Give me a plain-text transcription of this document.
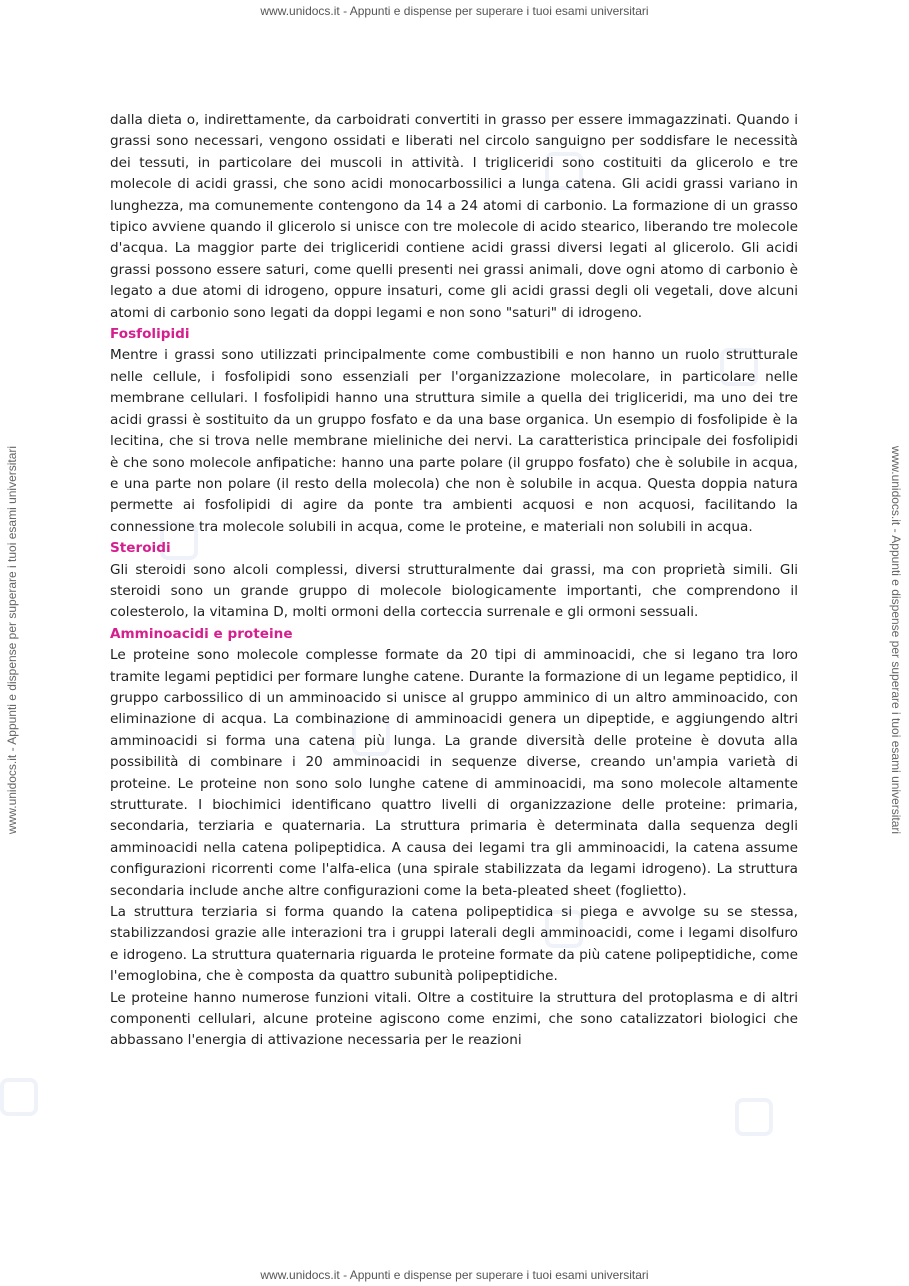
www.unidocs.it - Appunti e dispense per superare i tuoi esami universitari
www.unidocs.it - Appunti e dispense per superare i tuoi esami universitari	www.unidocs.it - Appunti e dispense per superare i tuoi esami universitari

dalla dieta o, indirettamente, da carboidrati convertiti in grasso per essere immagazzinati. Quando i grassi sono necessari, vengono ossidati e liberati nel circolo sanguigno per soddisfare le necessità dei tessuti, in particolare dei muscoli in attività. I trigliceridi sono costituiti da glicerolo e tre molecole di acidi grassi, che sono acidi monocarbossilici a lunga catena. Gli acidi grassi variano in lunghezza, ma comunemente contengono da 14 a 24 atomi di carbonio. La formazione di un grasso tipico avviene quando il glicerolo si unisce con tre molecole di acido stearico, liberando tre molecole d'acqua. La maggior parte dei trigliceridi contiene acidi grassi diversi legati al glicerolo. Gli acidi grassi possono essere saturi, come quelli presenti nei grassi animali, dove ogni atomo di carbonio è legato a due atomi di idrogeno, oppure insaturi, come gli acidi grassi degli oli vegetali, dove alcuni atomi di carbonio sono legati da doppi legami e non sono "saturi" di idrogeno.

Fosfolipidi

Mentre i grassi sono utilizzati principalmente come combustibili e non hanno un ruolo strutturale nelle cellule, i fosfolipidi sono essenziali per l'organizzazione molecolare, in particolare nelle membrane cellulari. I fosfolipidi hanno una struttura simile a quella dei trigliceridi, ma uno dei tre acidi grassi è sostituito da un gruppo fosfato e da una base organica. Un esempio di fosfolipide è la lecitina, che si trova nelle membrane mieliniche dei nervi. La caratteristica principale dei fosfolipidi è che sono molecole anfipatiche: hanno una parte polare (il gruppo fosfato) che è solubile in acqua, e una parte non polare (il resto della molecola) che non è solubile in acqua. Questa doppia natura permette ai fosfolipidi di agire da ponte tra ambienti acquosi e non acquosi, facilitando la connessione tra molecole solubili in acqua, come le proteine, e materiali non solubili in acqua.

Steroidi

Gli steroidi sono alcoli complessi, diversi strutturalmente dai grassi, ma con proprietà simili. Gli steroidi sono un grande gruppo di molecole biologicamente importanti, che comprendono il colesterolo, la vitamina D, molti ormoni della corteccia surrenale e gli ormoni sessuali.

Amminoacidi e proteine

Le proteine sono molecole complesse formate da 20 tipi di amminoacidi, che si legano tra loro tramite legami peptidici per formare lunghe catene. Durante la formazione di un legame peptidico, il gruppo carbossilico di un amminoacido si unisce al gruppo amminico di un altro amminoacido, con eliminazione di acqua. La combinazione di amminoacidi genera un dipeptide, e aggiungendo altri amminoacidi si forma una catena più lunga. La grande diversità delle proteine è dovuta alla possibilità di combinare i 20 amminoacidi in sequenze diverse, creando un'ampia varietà di proteine. Le proteine non sono solo lunghe catene di amminoacidi, ma sono molecole altamente strutturate. I biochimici identificano quattro livelli di organizzazione delle proteine: primaria, secondaria, terziaria e quaternaria. La struttura primaria è determinata dalla sequenza degli amminoacidi nella catena polipeptidica. A causa dei legami tra gli amminoacidi, la catena assume configurazioni ricorrenti come l'alfa-elica (una spirale stabilizzata da legami idrogeno). La struttura secondaria include anche altre configurazioni come la beta-pleated sheet (foglietto).

La struttura terziaria si forma quando la catena polipeptidica si piega e avvolge su se stessa, stabilizzandosi grazie alle interazioni tra i gruppi laterali degli amminoacidi, come i legami disolfuro e idrogeno. La struttura quaternaria riguarda le proteine formate da più catene polipeptidiche, come l'emoglobina, che è composta da quattro subunità polipeptidiche.

Le proteine hanno numerose funzioni vitali. Oltre a costituire la struttura del protoplasma e di altri componenti cellulari, alcune proteine agiscono come enzimi, che sono catalizzatori biologici che abbassano l'energia di attivazione necessaria per le reazioni

www.unidocs.it - Appunti e dispense per superare i tuoi esami universitari
